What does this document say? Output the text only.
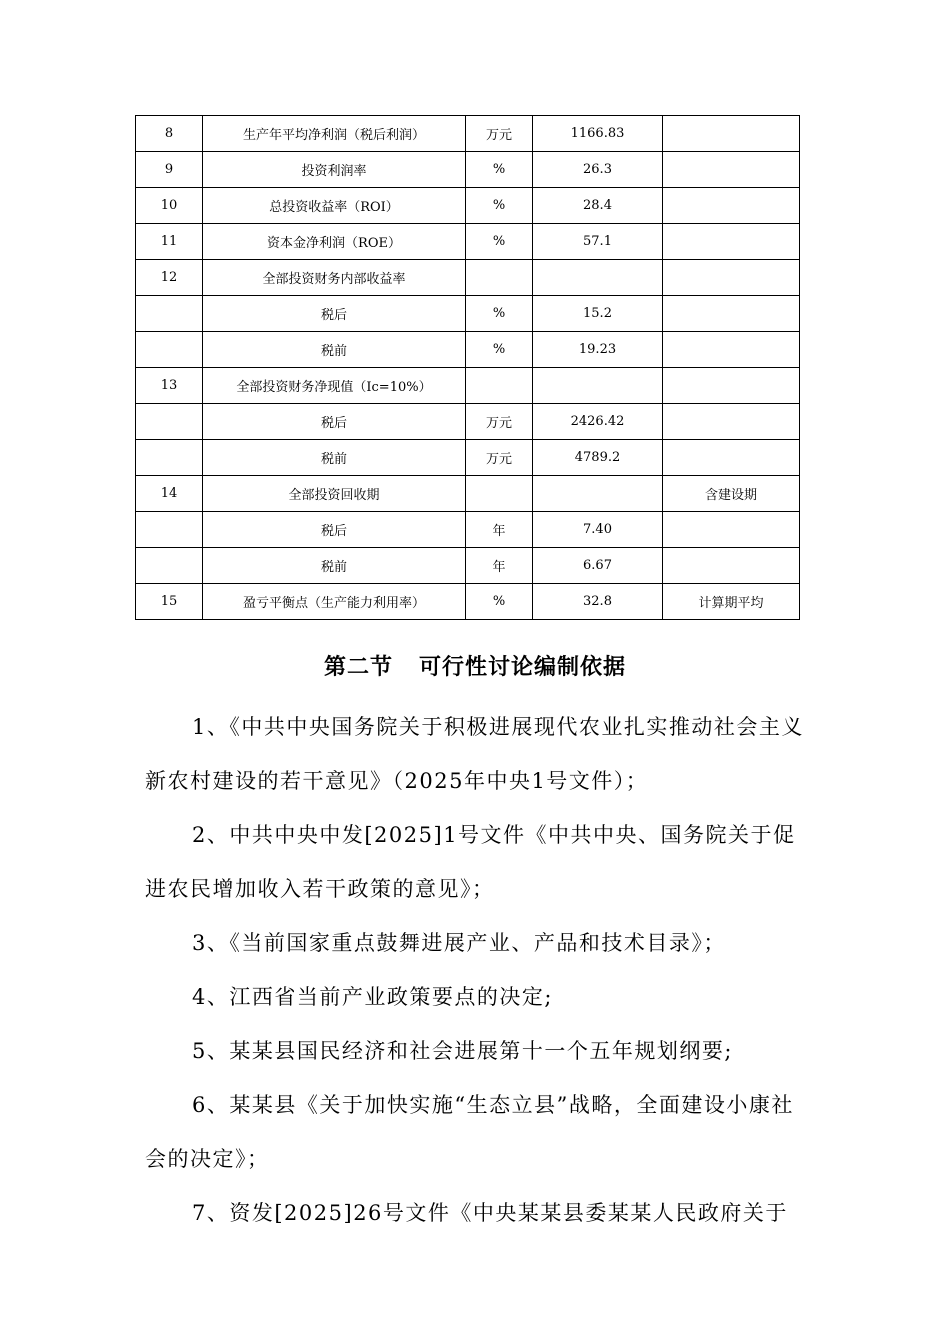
8	生产年平均净利润（税后利润）	万元	1166.83	
9	投资利润率	%	26.3	
10	总投资收益率（ROI）	%	28.4	
11	资本金净利润（ROE）	%	57.1	
12	全部投资财务内部收益率			
	税后	%	15.2	
	税前	%	19.23	
13	全部投资财务净现值（Ic=10%）			
	税后	万元	2426.42	
	税前	万元	4789.2	
14	全部投资回收期			含建设期
	税后	年	7.40	
	税前	年	6.67	
15	盈亏平衡点（生产能力利用率）	%	32.8	计算期平均
第二节 可行性讨论编制依据

1、《中共中央国务院关于积极进展现代农业扎实推动社会主义新农村建设的若干意见》（2025年中央1号文件）；

2、中共中央中发[2025]1号文件《中共中央、国务院关于促进农民增加收入若干政策的意见》；

3、《当前国家重点鼓舞进展产业、产品和技术目录》；

4、江西省当前产业政策要点的决定;

5、某某县国民经济和社会进展第十一个五年规划纲要;

6、某某县《关于加快实施“生态立县”战略，全面建设小康社会的决定》；

7、资发[2025]26号文件《中央某某县委某某人民政府关于
